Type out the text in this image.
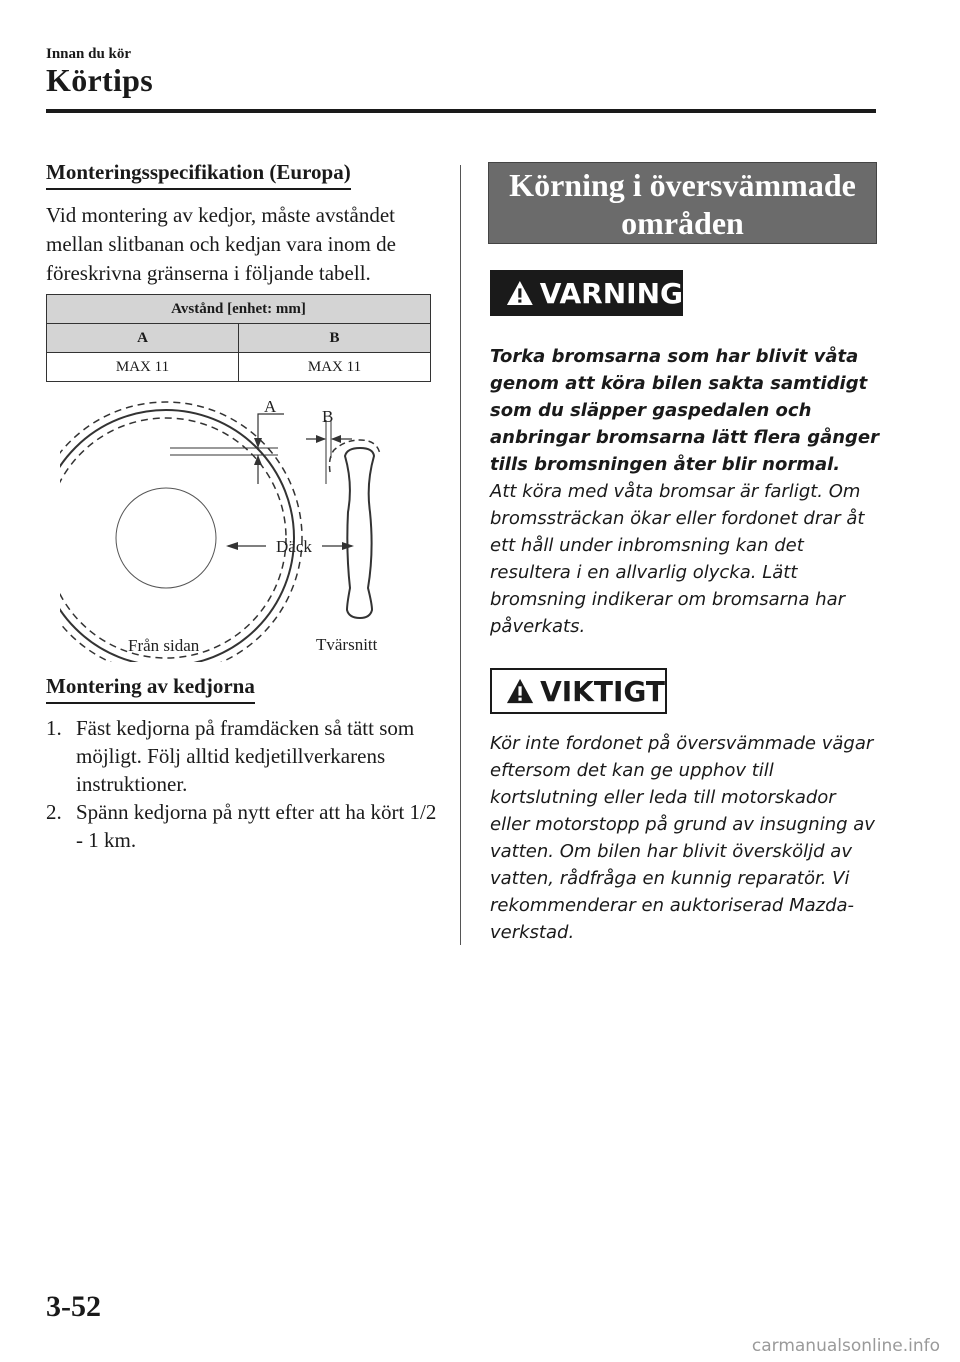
Innan du kör
Körtips
Monteringsspecifikation (Europa)
Vid montering av kedjor, måste avståndet mellan slitbanan och kedjan vara inom de föreskrivna gränserna i följande tabell.
Avstånd [enhet: mm]	
A	B
MAX 11	MAX 11
A
Däck
B
Från sidan	Tvärsnitt
Montering av kedjorna
1. Fäst kedjorna på framdäcken så tätt som möjligt. Följ alltid kedjetillverkarens instruktioner.
2. Spänn kedjorna på nytt efter att ha kört 1/2 - 1 km.
Körning i översvämmade områden
VARNING
Torka bromsarna som har blivit våta genom att köra bilen sakta samtidigt som du släpper gaspedalen och anbringar bromsarna lätt flera gånger tills bromsningen åter blir normal.
Att köra med våta bromsar är farligt. Om bromssträckan ökar eller fordonet drar åt ett håll under inbromsning kan det resultera i en allvarlig olycka. Lätt bromsning indikerar om bromsarna har påverkats.
VIKTIGT
Kör inte fordonet på översvämmade vägar eftersom det kan ge upphov till kortslutning eller leda till motorskador eller motorstopp på grund av insugning av vatten. Om bilen har blivit översköljd av vatten, rådfråga en kunnig reparatör. Vi rekommenderar en auktoriserad Mazda-verkstad.
3-52
carmanualsonline.info
